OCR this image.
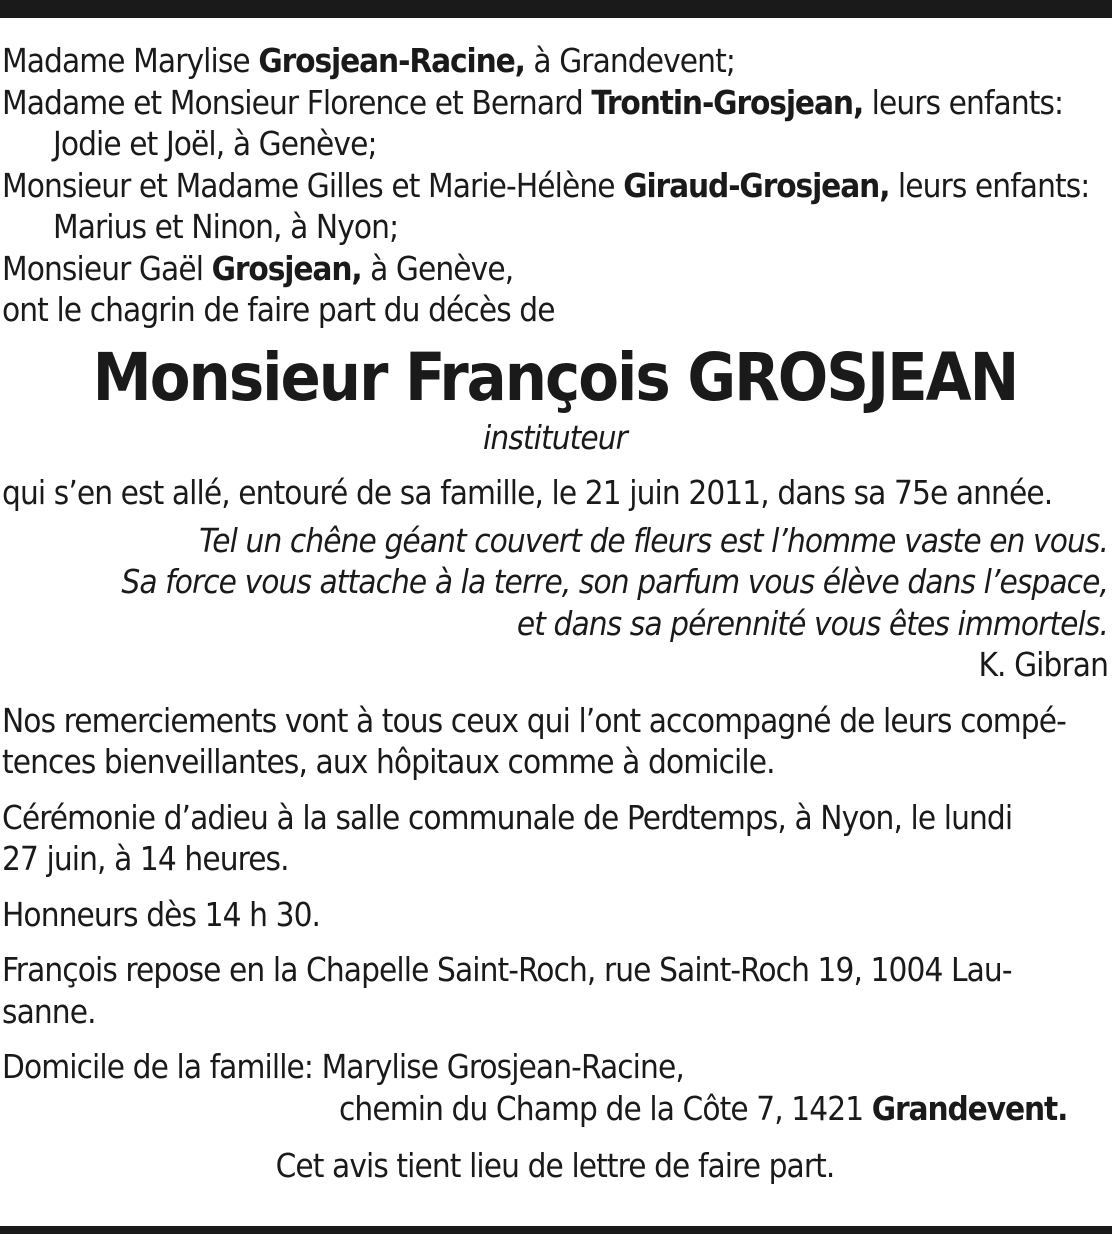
Madame Marylise Grosjean-Racine, à Grandevent;
Madame et Monsieur Florence et Bernard Trontin-Grosjean, leurs enfants:
Jodie et Joël, à Genève;
Monsieur et Madame Gilles et Marie-Hélène Giraud-Grosjean, leurs enfants:
Marius et Ninon, à Nyon;
Monsieur Gaël Grosjean, à Genève,
ont le chagrin de faire part du décès de
Monsieur François GROSJEAN
instituteur
qui s’en est allé, entouré de sa famille, le 21 juin 2011, dans sa 75e année.
Tel un chêne géant couvert de fleurs est l’homme vaste en vous.
Sa force vous attache à la terre, son parfum vous élève dans l’espace,
et dans sa pérennité vous êtes immortels.
K. Gibran
Nos remerciements vont à tous ceux qui l’ont accompagné de leurs compé-
tences bienveillantes, aux hôpitaux comme à domicile.
Cérémonie d’adieu à la salle communale de Perdtemps, à Nyon, le lundi
27 juin, à 14 heures.
Honneurs dès 14 h 30.
François repose en la Chapelle Saint-Roch, rue Saint-Roch 19, 1004 Lau-
sanne.
Domicile de la famille: Marylise Grosjean-Racine,
chemin du Champ de la Côte 7, 1421 Grandevent.
Cet avis tient lieu de lettre de faire part.
